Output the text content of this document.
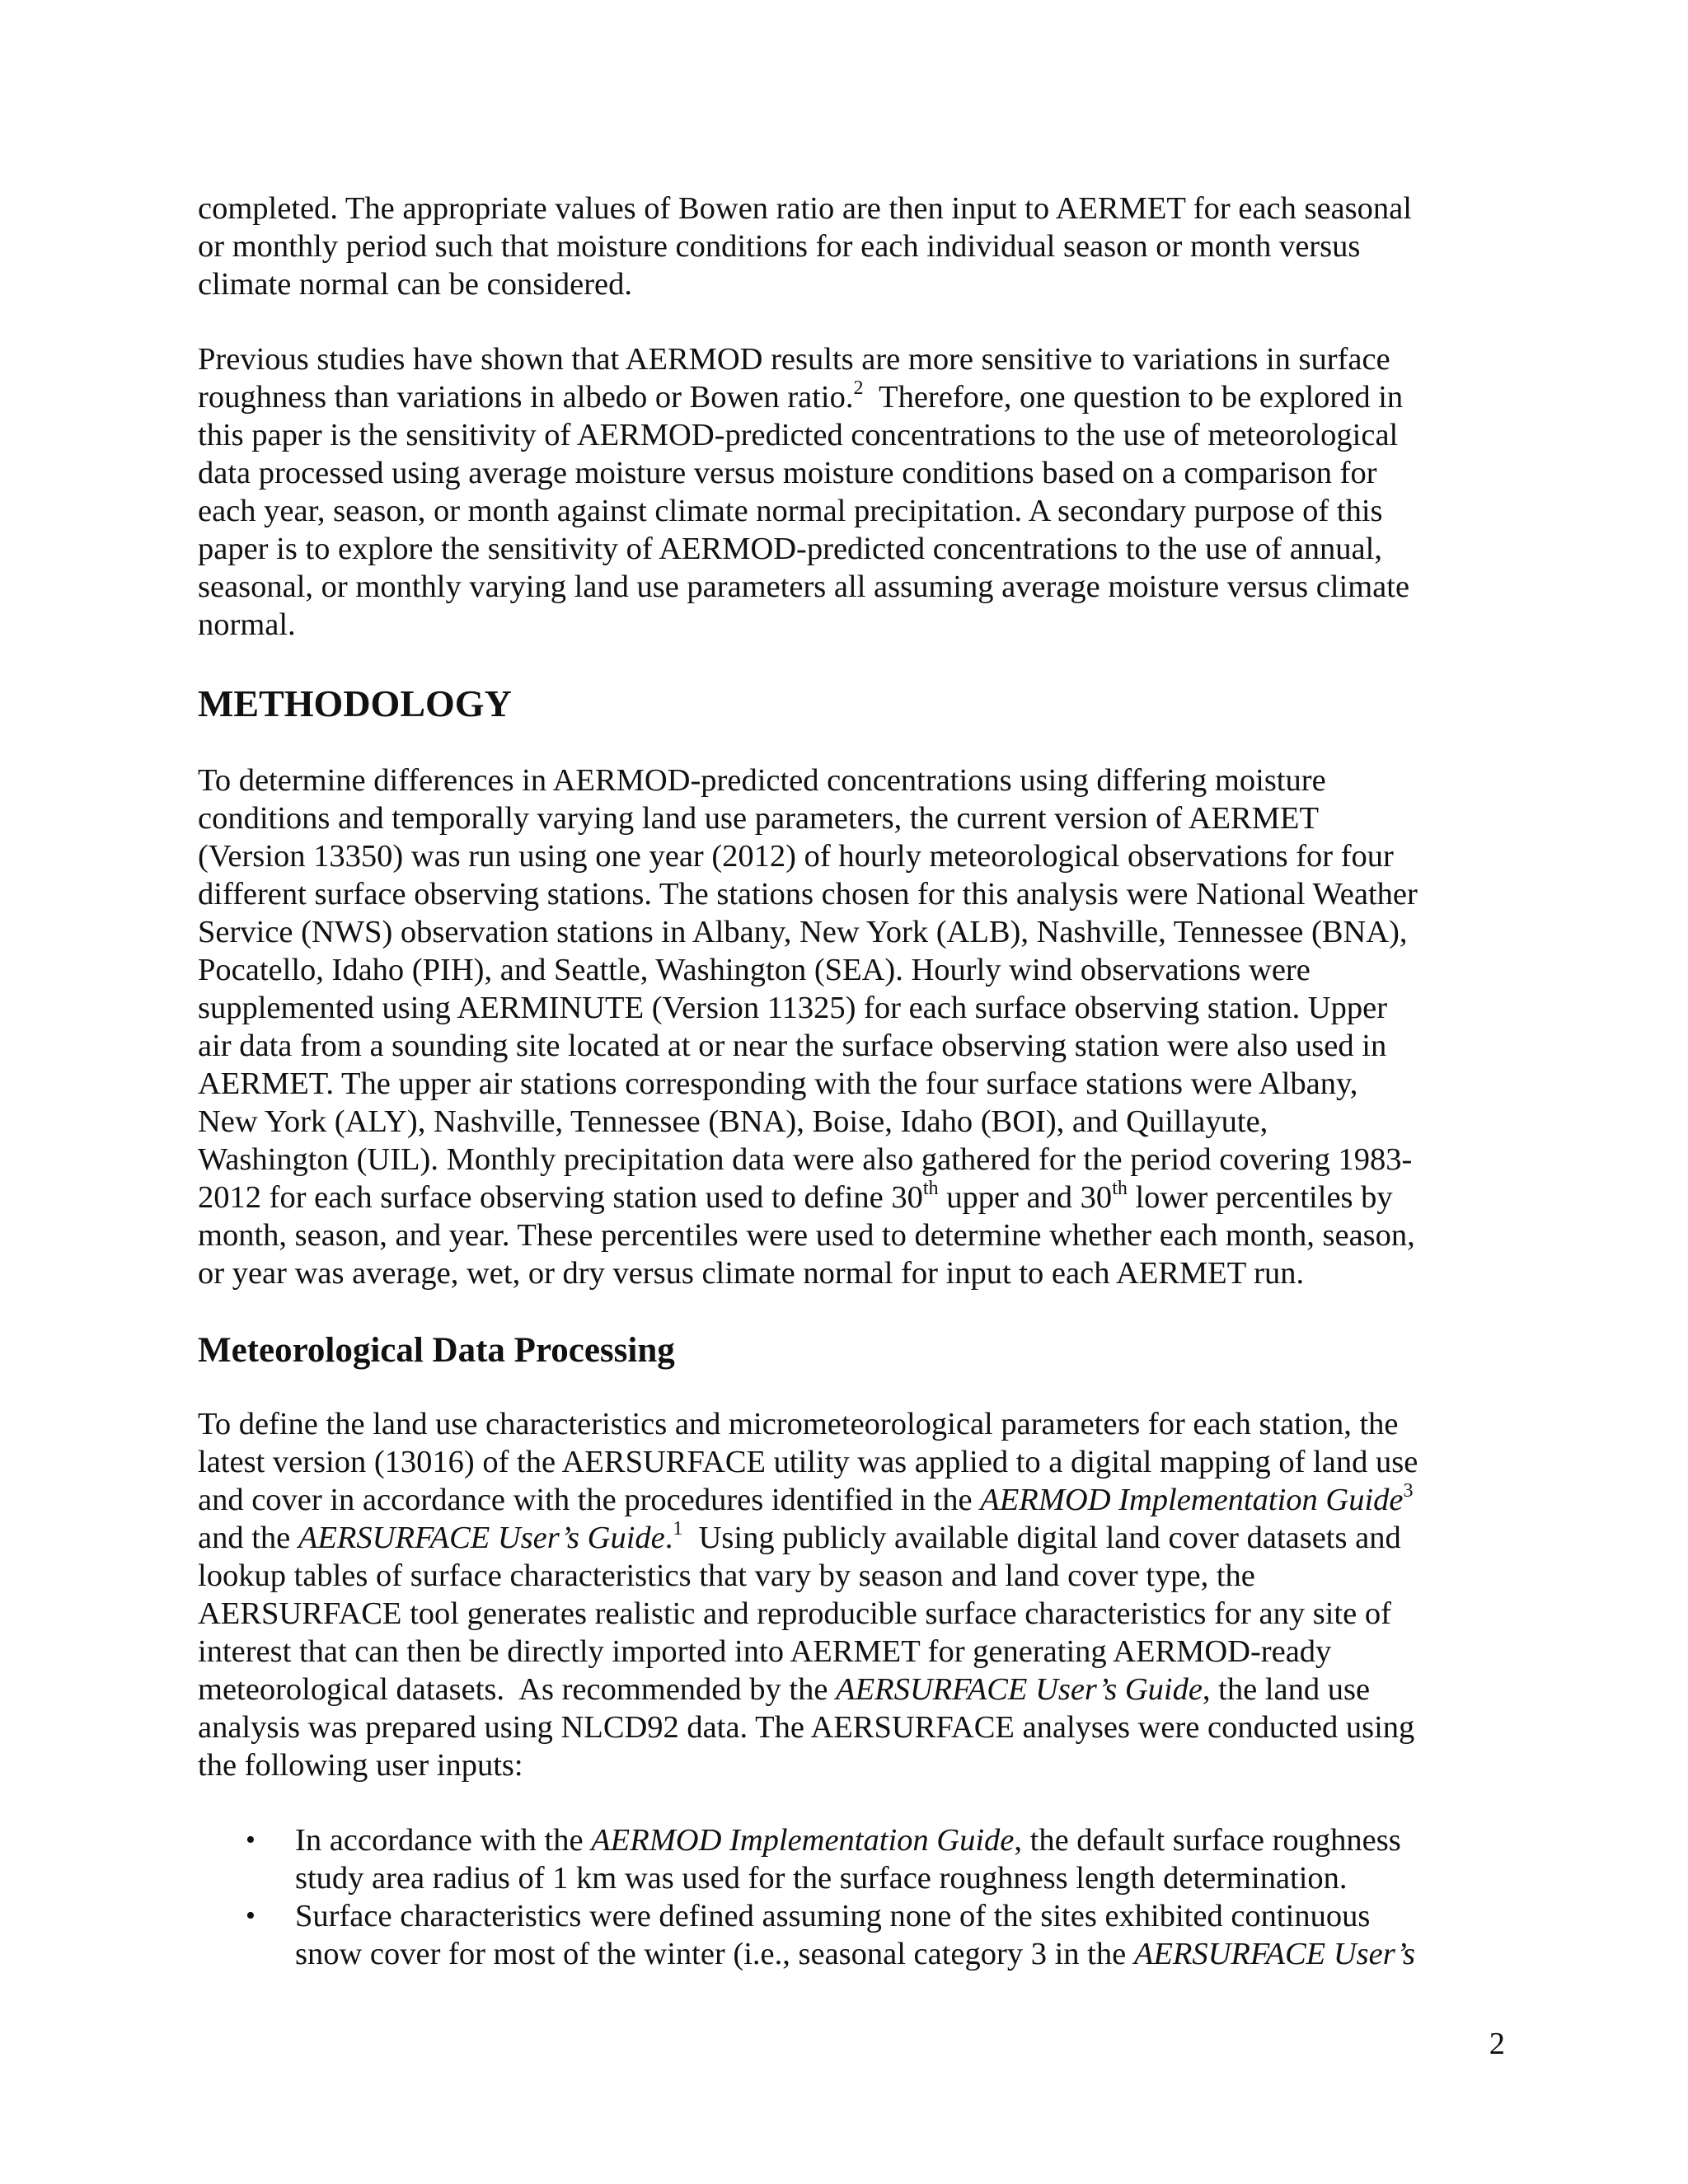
completed. The appropriate values of Bowen ratio are then input to AERMET for each seasonal
or monthly period such that moisture conditions for each individual season or month versus
climate normal can be considered.

Previous studies have shown that AERMOD results are more sensitive to variations in surface
roughness than variations in albedo or Bowen ratio.$^2$  Therefore, one question to be explored in
this paper is the sensitivity of AERMOD-predicted concentrations to the use of meteorological
data processed using average moisture versus moisture conditions based on a comparison for
each year, season, or month against climate normal precipitation. A secondary purpose of this
paper is to explore the sensitivity of AERMOD-predicted concentrations to the use of annual,
seasonal, or monthly varying land use parameters all assuming average moisture versus climate
normal.

METHODOLOGY

To determine differences in AERMOD-predicted concentrations using differing moisture
conditions and temporally varying land use parameters, the current version of AERMET
(Version 13350) was run using one year (2012) of hourly meteorological observations for four
different surface observing stations. The stations chosen for this analysis were National Weather
Service (NWS) observation stations in Albany, New York (ALB), Nashville, Tennessee (BNA),
Pocatello, Idaho (PIH), and Seattle, Washington (SEA). Hourly wind observations were
supplemented using AERMINUTE (Version 11325) for each surface observing station. Upper
air data from a sounding site located at or near the surface observing station were also used in
AERMET. The upper air stations corresponding with the four surface stations were Albany,
New York (ALY), Nashville, Tennessee (BNA), Boise, Idaho (BOI), and Quillayute,
Washington (UIL). Monthly precipitation data were also gathered for the period covering 1983-
2012 for each surface observing station used to define 30th upper and 30th lower percentiles by
month, season, and year. These percentiles were used to determine whether each month, season,
or year was average, wet, or dry versus climate normal for input to each AERMET run.

Meteorological Data Processing

To define the land use characteristics and micrometeorological parameters for each station, the
latest version (13016) of the AERSURFACE utility was applied to a digital mapping of land use
and cover in accordance with the procedures identified in the AERMOD Implementation Guide$^3$
and the AERSURFACE User’s Guide.$^1$  Using publicly available digital land cover datasets and
lookup tables of surface characteristics that vary by season and land cover type, the
AERSURFACE tool generates realistic and reproducible surface characteristics for any site of
interest that can then be directly imported into AERMET for generating AERMOD-ready
meteorological datasets.  As recommended by the AERSURFACE User’s Guide, the land use
analysis was prepared using NLCD92 data. The AERSURFACE analyses were conducted using
the following user inputs:

• In accordance with the AERMOD Implementation Guide, the default surface roughness
study area radius of 1 km was used for the surface roughness length determination.
• Surface characteristics were defined assuming none of the sites exhibited continuous
snow cover for most of the winter (i.e., seasonal category 3 in the AERSURFACE User’s
2
